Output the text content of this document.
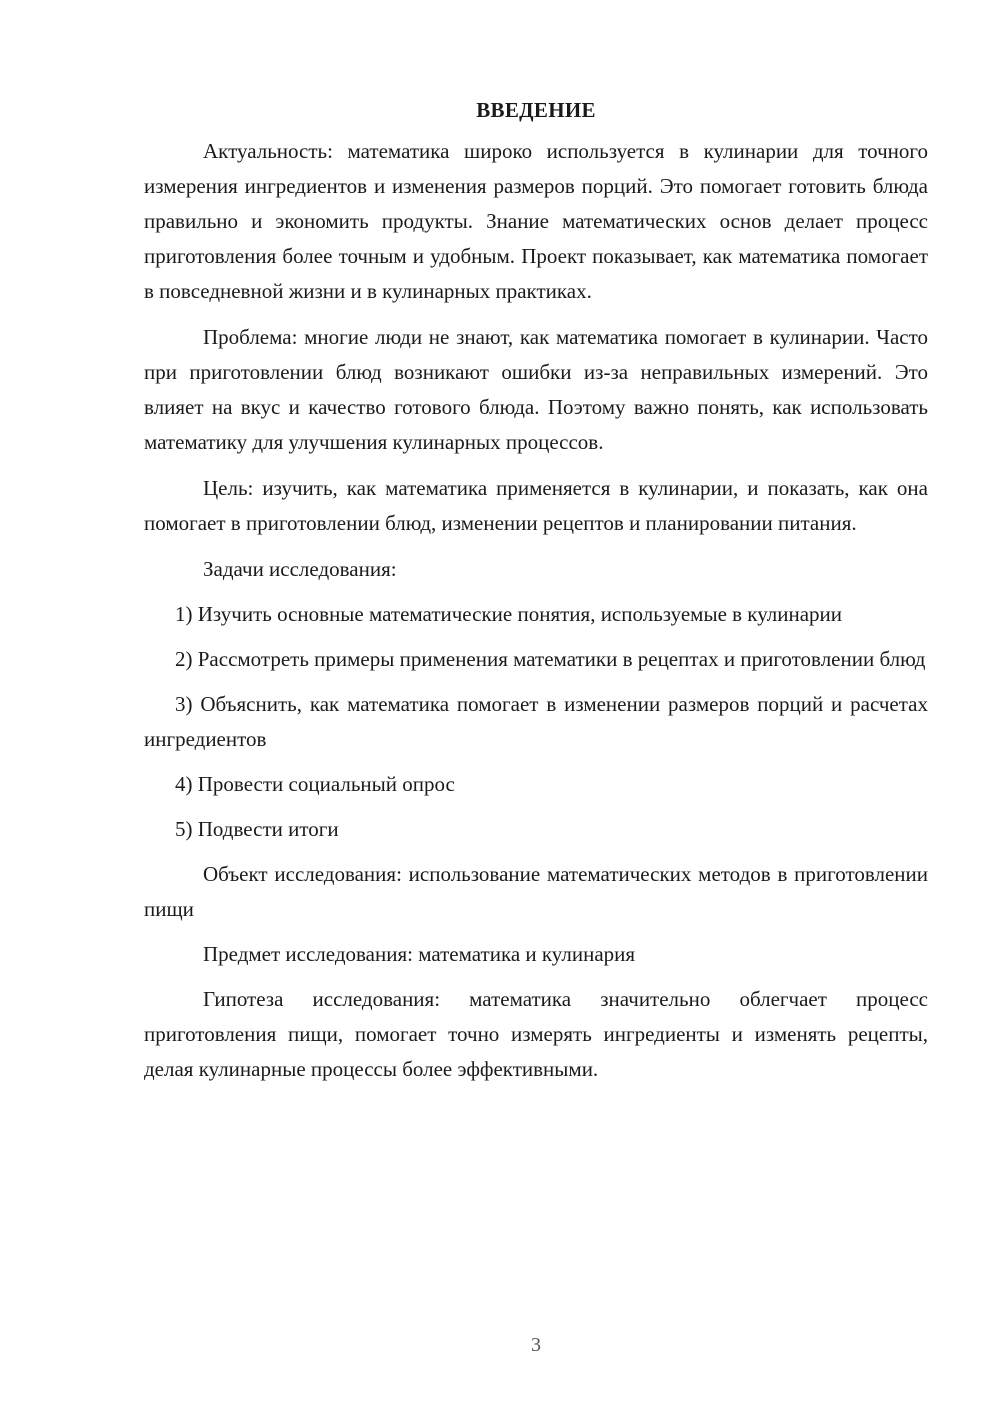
ВВЕДЕНИЕ

Актуальность: математика широко используется в кулинарии для точного измерения ингредиентов и изменения размеров порций. Это помогает готовить блюда правильно и экономить продукты. Знание математических основ делает процесс приготовления более точным и удобным. Проект показывает, как математика помогает в повседневной жизни и в кулинарных практиках.

Проблема: многие люди не знают, как математика помогает в кулинарии. Часто при приготовлении блюд возникают ошибки из-за неправильных измерений. Это влияет на вкус и качество готового блюда. Поэтому важно понять, как использовать математику для улучшения кулинарных процессов.

Цель: изучить, как математика применяется в кулинарии, и показать, как она помогает в приготовлении блюд, изменении рецептов и планировании питания.

Задачи исследования:

1) Изучить основные математические понятия, используемые в кулинарии

2) Рассмотреть примеры применения математики в рецептах и приготовлении блюд

3) Объяснить, как математика помогает в изменении размеров порций и расчетах ингредиентов

4) Провести социальный опрос

5) Подвести итоги

Объект исследования: использование математических методов в приготовлении пищи

Предмет исследования: математика и кулинария

Гипотеза исследования: математика значительно облегчает процесс приготовления пищи, помогает точно измерять ингредиенты и изменять рецепты, делая кулинарные процессы более эффективными.

3
